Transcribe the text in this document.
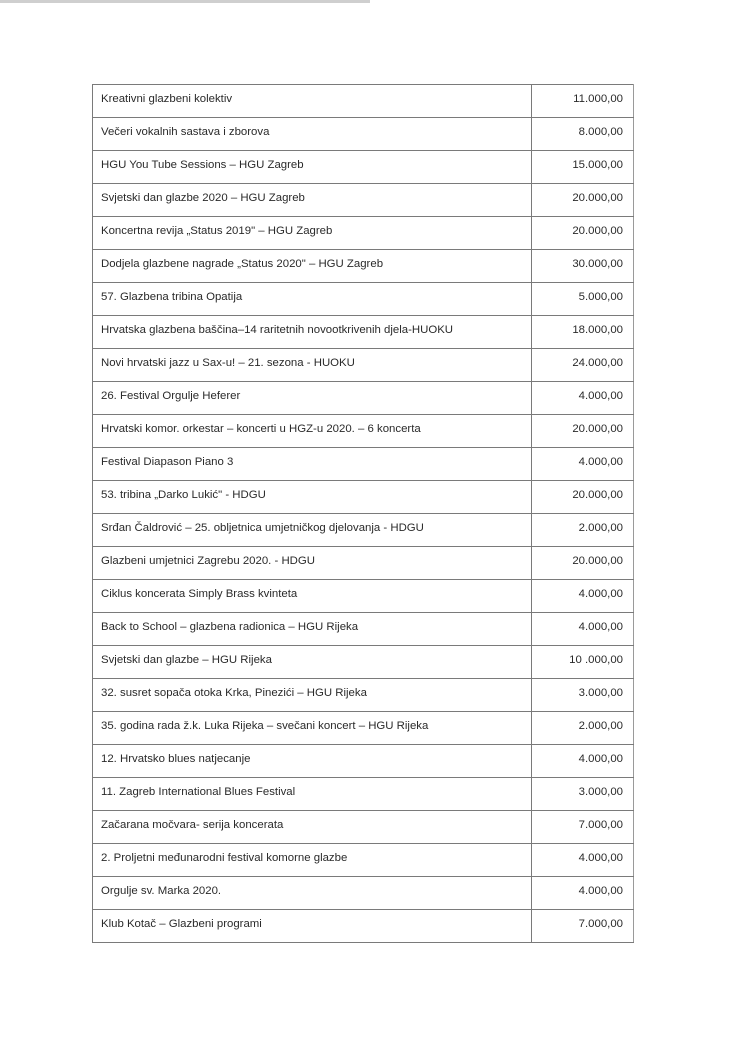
Kreativni glazbeni kolektiv	11.000,00
Večeri vokalnih sastava i zborova	8.000,00
HGU You Tube Sessions – HGU Zagreb	15.000,00
Svjetski dan glazbe 2020 – HGU Zagreb	20.000,00
Koncertna revija „Status 2019" – HGU Zagreb	20.000,00
Dodjela glazbene nagrade „Status 2020" – HGU Zagreb	30.000,00
57. Glazbena tribina Opatija	5.000,00
Hrvatska glazbena baščina–14 raritetnih novootkrivenih djela-HUOKU	18.000,00
Novi hrvatski jazz u Sax-u! – 21. sezona - HUOKU	24.000,00
26. Festival Orgulje Heferer	4.000,00
Hrvatski komor. orkestar – koncerti u HGZ-u 2020. – 6 koncerta	20.000,00
Festival Diapason Piano 3	4.000,00
53. tribina „Darko Lukić" - HDGU	20.000,00
Srđan Čaldrović – 25. obljetnica umjetničkog djelovanja - HDGU	2.000,00
Glazbeni umjetnici Zagrebu 2020. - HDGU	20.000,00
Ciklus koncerata Simply Brass kvinteta	4.000,00
Back to School – glazbena radionica – HGU Rijeka	4.000,00
Svjetski dan glazbe – HGU Rijeka	10 .000,00
32. susret sopača otoka Krka, Pinezići – HGU Rijeka	3.000,00
35. godina rada ž.k. Luka Rijeka – svečani koncert – HGU Rijeka	2.000,00
12. Hrvatsko blues natjecanje	4.000,00
11. Zagreb International Blues Festival	3.000,00
Začarana močvara- serija koncerata	7.000,00
2. Proljetni međunarodni festival komorne glazbe	4.000,00
Orgulje sv. Marka 2020.	4.000,00
Klub Kotač – Glazbeni programi	7.000,00
